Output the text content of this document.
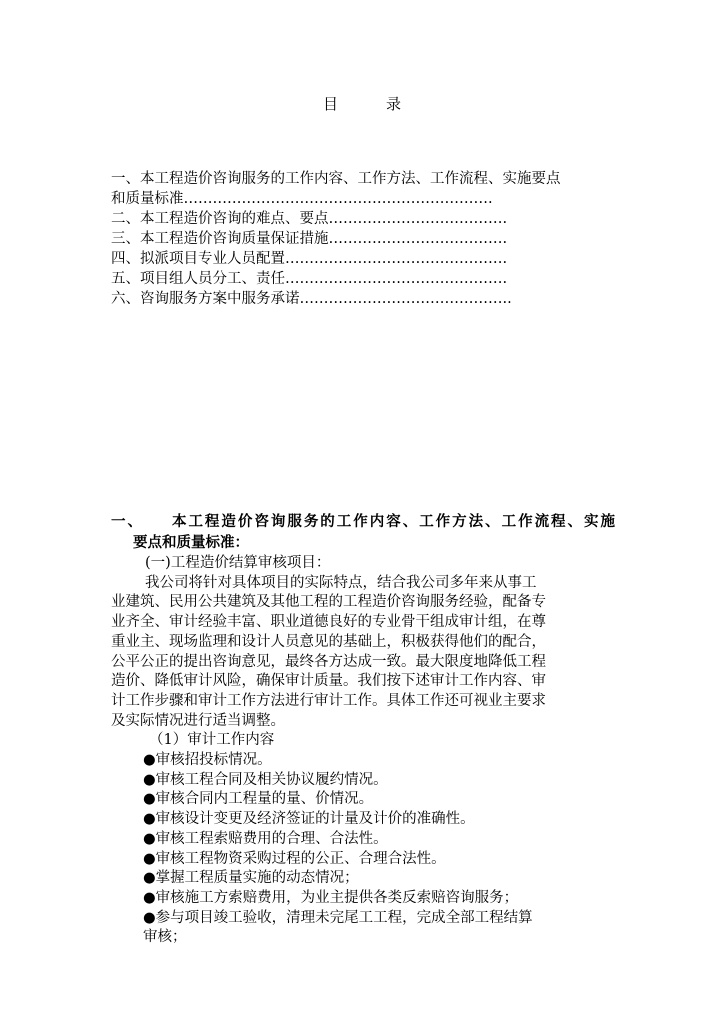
目	录
一、本工程造价咨询服务的工作内容、工作方法、工作流程、实施要点
和质量标准……………………………………………………….
二、本工程造价咨询的难点、要点……………………………….
三、本工程造价咨询质量保证措施……………………………….
四、拟派项目专业人员配置……………………………………….
五、项目组人员分工、责任……………………………………….
六、咨询服务方案中服务承诺……………………………………..
一、 本工程造价咨询服务的工作内容、工作方法、工作流程、实施
要点和质量标准：
(一)工程造价结算审核项目：
我公司将针对具体项目的实际特点，结合我公司多年来从事工
业建筑、民用公共建筑及其他工程的工程造价咨询服务经验，配备专
业齐全、审计经验丰富、职业道德良好的专业骨干组成审计组，在尊
重业主、现场监理和设计人员意见的基础上，积极获得他们的配合，
公平公正的提出咨询意见，最终各方达成一致。最大限度地降低工程
造价、降低审计风险，确保审计质量。我们按下述审计工作内容、审
计工作步骤和审计工作方法进行审计工作。具体工作还可视业主要求
及实际情况进行适当调整。
（1）审计工作内容
●审核招投标情况。
●审核工程合同及相关协议履约情况。
●审核合同内工程量的量、价情况。
●审核设计变更及经济签证的计量及计价的准确性。
●审核工程索赔费用的合理、合法性。
●审核工程物资采购过程的公正、合理合法性。
●掌握工程质量实施的动态情况；
●审核施工方索赔费用，为业主提供各类反索赔咨询服务；
●参与项目竣工验收，清理未完尾工工程，完成全部工程结算
审核；
